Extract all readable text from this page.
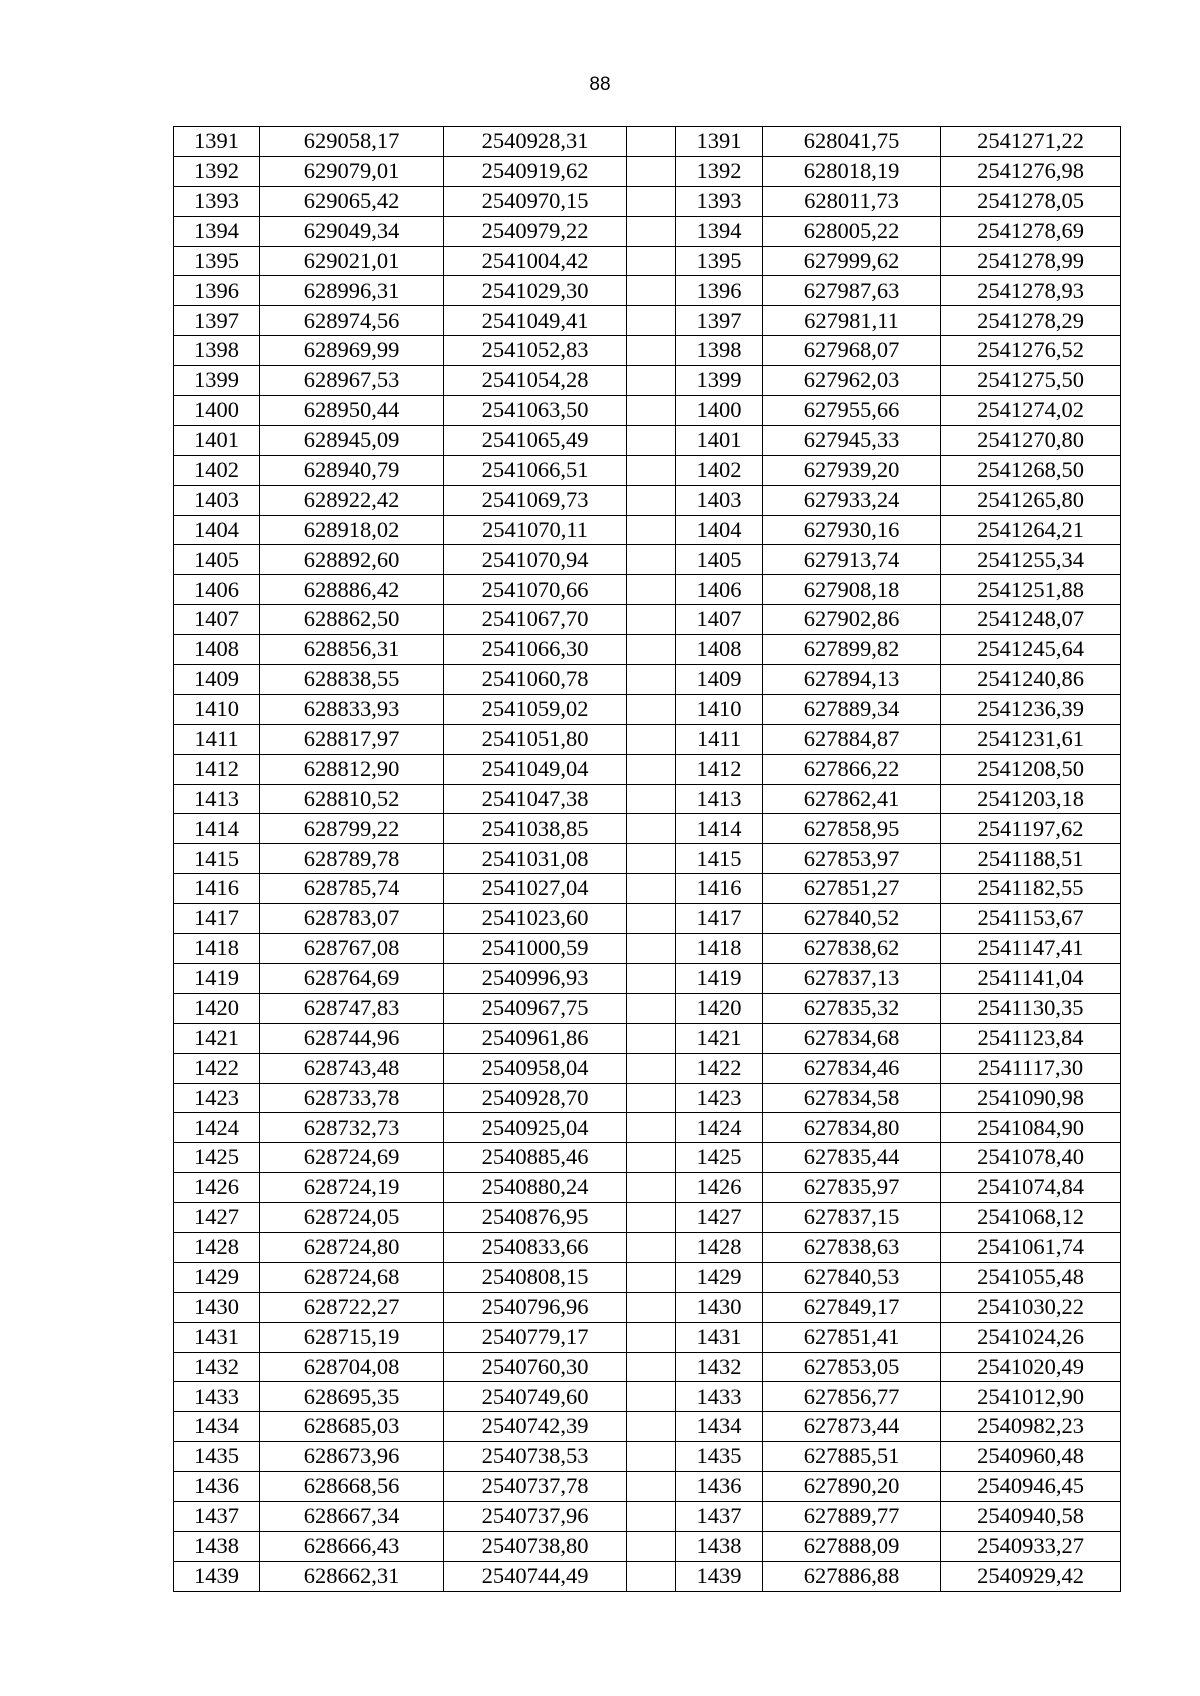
88
1391	629058,17	2540928,31		1391	628041,75	2541271,22
1392	629079,01	2540919,62		1392	628018,19	2541276,98
1393	629065,42	2540970,15		1393	628011,73	2541278,05
1394	629049,34	2540979,22		1394	628005,22	2541278,69
1395	629021,01	2541004,42		1395	627999,62	2541278,99
1396	628996,31	2541029,30		1396	627987,63	2541278,93
1397	628974,56	2541049,41		1397	627981,11	2541278,29
1398	628969,99	2541052,83		1398	627968,07	2541276,52
1399	628967,53	2541054,28		1399	627962,03	2541275,50
1400	628950,44	2541063,50		1400	627955,66	2541274,02
1401	628945,09	2541065,49		1401	627945,33	2541270,80
1402	628940,79	2541066,51		1402	627939,20	2541268,50
1403	628922,42	2541069,73		1403	627933,24	2541265,80
1404	628918,02	2541070,11		1404	627930,16	2541264,21
1405	628892,60	2541070,94		1405	627913,74	2541255,34
1406	628886,42	2541070,66		1406	627908,18	2541251,88
1407	628862,50	2541067,70		1407	627902,86	2541248,07
1408	628856,31	2541066,30		1408	627899,82	2541245,64
1409	628838,55	2541060,78		1409	627894,13	2541240,86
1410	628833,93	2541059,02		1410	627889,34	2541236,39
1411	628817,97	2541051,80		1411	627884,87	2541231,61
1412	628812,90	2541049,04		1412	627866,22	2541208,50
1413	628810,52	2541047,38		1413	627862,41	2541203,18
1414	628799,22	2541038,85		1414	627858,95	2541197,62
1415	628789,78	2541031,08		1415	627853,97	2541188,51
1416	628785,74	2541027,04		1416	627851,27	2541182,55
1417	628783,07	2541023,60		1417	627840,52	2541153,67
1418	628767,08	2541000,59		1418	627838,62	2541147,41
1419	628764,69	2540996,93		1419	627837,13	2541141,04
1420	628747,83	2540967,75		1420	627835,32	2541130,35
1421	628744,96	2540961,86		1421	627834,68	2541123,84
1422	628743,48	2540958,04		1422	627834,46	2541117,30
1423	628733,78	2540928,70		1423	627834,58	2541090,98
1424	628732,73	2540925,04		1424	627834,80	2541084,90
1425	628724,69	2540885,46		1425	627835,44	2541078,40
1426	628724,19	2540880,24		1426	627835,97	2541074,84
1427	628724,05	2540876,95		1427	627837,15	2541068,12
1428	628724,80	2540833,66		1428	627838,63	2541061,74
1429	628724,68	2540808,15		1429	627840,53	2541055,48
1430	628722,27	2540796,96		1430	627849,17	2541030,22
1431	628715,19	2540779,17		1431	627851,41	2541024,26
1432	628704,08	2540760,30		1432	627853,05	2541020,49
1433	628695,35	2540749,60		1433	627856,77	2541012,90
1434	628685,03	2540742,39		1434	627873,44	2540982,23
1435	628673,96	2540738,53		1435	627885,51	2540960,48
1436	628668,56	2540737,78		1436	627890,20	2540946,45
1437	628667,34	2540737,96		1437	627889,77	2540940,58
1438	628666,43	2540738,80		1438	627888,09	2540933,27
1439	628662,31	2540744,49		1439	627886,88	2540929,42
